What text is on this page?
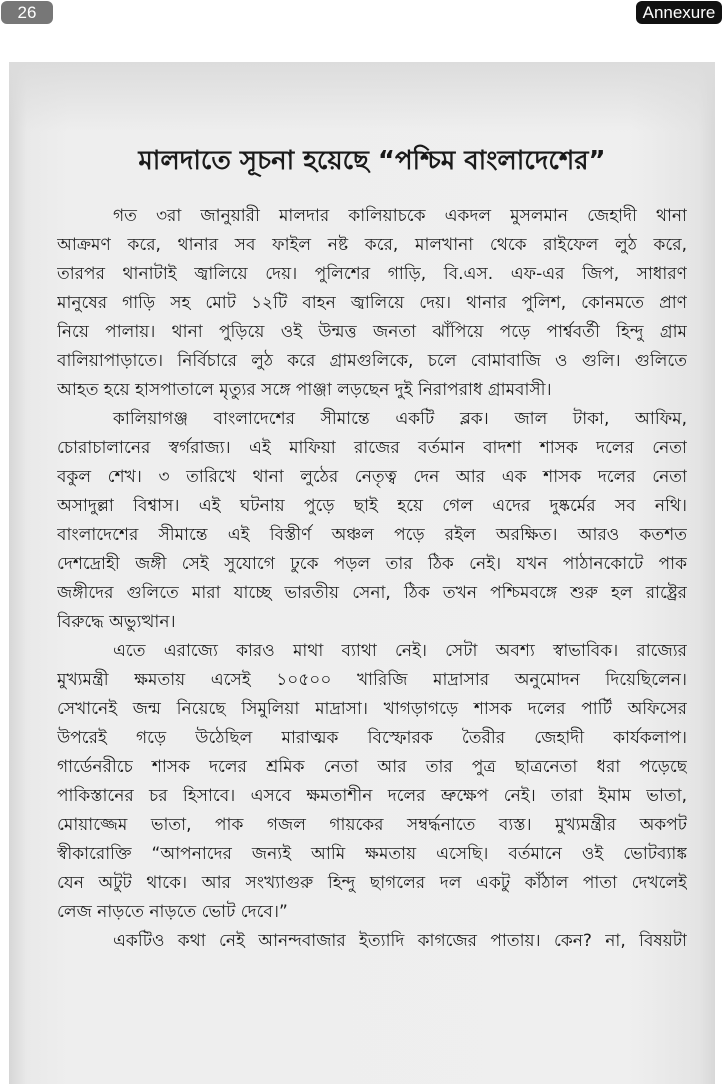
26	Annexure
মালদাতে সূচনা হয়েছে “পশ্চিম বাংলাদেশের”
গত ৩রা জানুয়ারী মালদার কালিয়াচকে একদল মুসলমান জেহাদী থানা
আক্রমণ করে, থানার সব ফাইল নষ্ট করে, মালখানা থেকে রাইফেল লুঠ করে,
তারপর থানাটাই জ্বালিয়ে দেয়। পুলিশের গাড়ি, বি.এস. এফ-এর জিপ, সাধারণ
মানুষের গাড়ি সহ মোট ১২টি বাহন জ্বালিয়ে দেয়। থানার পুলিশ, কোনমতে প্রাণ
নিয়ে পালায়। থানা পুড়িয়ে ওই উন্মত্ত জনতা ঝাঁপিয়ে পড়ে পার্শ্ববর্তী হিন্দু গ্রাম
বালিয়াপাড়াতে। নির্বিচারে লুঠ করে গ্রামগুলিকে, চলে বোমাবাজি ও গুলি। গুলিতে
আহত হয়ে হাসপাতালে মৃত্যুর সঙ্গে পাঞ্জা লড়ছেন দুই নিরাপরাধ গ্রামবাসী।
কালিয়াগঞ্জ বাংলাদেশের সীমান্তে একটি ব্লক। জাল টাকা, আফিম,
চোরাচালানের স্বর্গরাজ্য। এই মাফিয়া রাজের বর্তমান বাদশা শাসক দলের নেতা
বকুল শেখ। ৩ তারিখে থানা লুঠের নেতৃত্ব দেন আর এক শাসক দলের নেতা
অসাদুল্লা বিশ্বাস। এই ঘটনায় পুড়ে ছাই হয়ে গেল এদের দুষ্কর্মের সব নথি।
বাংলাদেশের সীমান্তে এই বিস্তীর্ণ অঞ্চল পড়ে রইল অরক্ষিত। আরও কতশত
দেশদ্রোহী জঙ্গী সেই সুযোগে ঢুকে পড়ল তার ঠিক নেই। যখন পাঠানকোটে পাক
জঙ্গীদের গুলিতে মারা যাচ্ছে ভারতীয় সেনা, ঠিক তখন পশ্চিমবঙ্গে শুরু হল রাষ্ট্রের
বিরুদ্ধে অভ্যুত্থান।
এতে এরাজ্যে কারও মাথা ব্যাথা নেই। সেটা অবশ্য স্বাভাবিক। রাজ্যের
মুখ্যমন্ত্রী ক্ষমতায় এসেই ১০৫০০ খারিজি মাদ্রাসার অনুমোদন দিয়েছিলেন।
সেখানেই জন্ম নিয়েছে সিমুলিয়া মাদ্রাসা। খাগড়াগড়ে শাসক দলের পার্টি অফিসের
উপরেই গড়ে উঠেছিল মারাত্মক বিস্ফোরক তৈরীর জেহাদী কার্যকলাপ।
গার্ডেনরীচে শাসক দলের শ্রমিক নেতা আর তার পুত্র ছাত্রনেতা ধরা পড়েছে
পাকিস্তানের চর হিসাবে। এসবে ক্ষমতাশীন দলের ভ্রুক্ষেপ নেই। তারা ইমাম ভাতা,
মোয়াজ্জেম ভাতা, পাক গজল গায়কের সম্বর্দ্ধনাতে ব্যস্ত। মুখ্যমন্ত্রীর অকপট
স্বীকারোক্তি “আপনাদের জন্যই আমি ক্ষমতায় এসেছি। বর্তমানে ওই ভোটব্যাঙ্ক
যেন অটুট থাকে। আর সংখ্যাগুরু হিন্দু ছাগলের দল একটু কাঁঠাল পাতা দেখলেই
লেজ নাড়তে নাড়তে ভোট দেবে।”
একটিও কথা নেই আনন্দবাজার ইত্যাদি কাগজের পাতায়। কেন? না, বিষয়টা
